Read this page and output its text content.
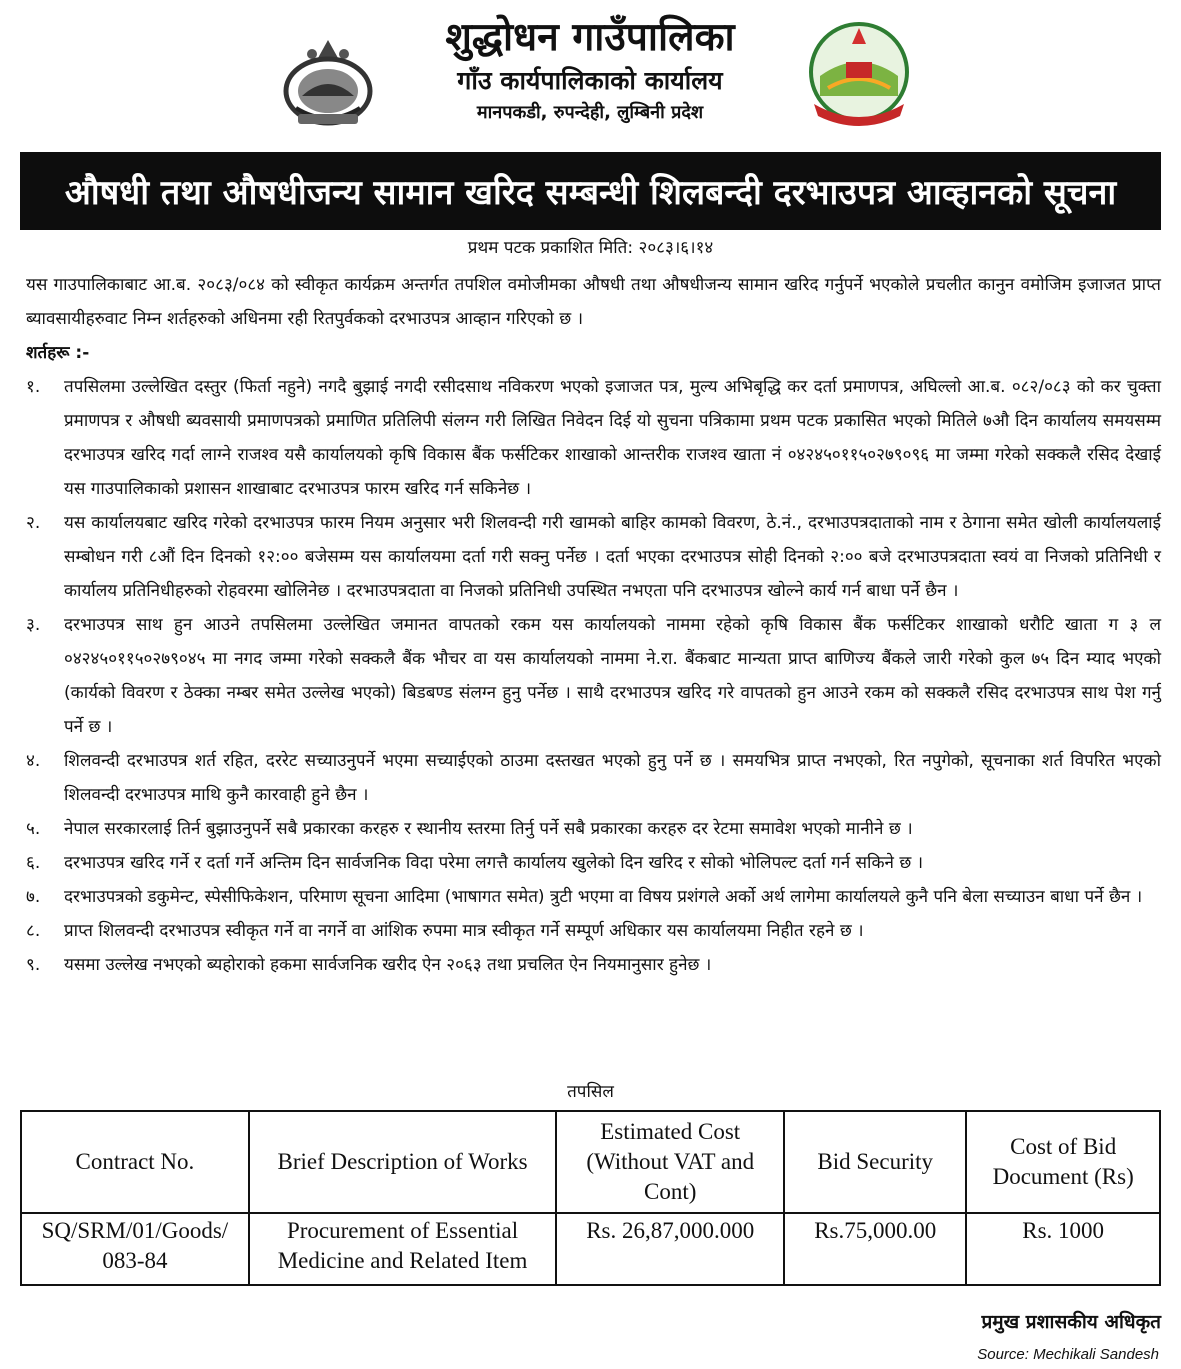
शुद्धोधन गाउँपालिका
गाँउ कार्यपालिकाको कार्यालय
मानपकडी, रुपन्देही, लुम्बिनी प्रदेश
औषधी तथा औषधीजन्य सामान खरिद सम्बन्धी शिलबन्दी दरभाउपत्र आव्हानको सूचना
प्रथम पटक प्रकाशित मिति: २०८३।६।१४

यस गाउपालिकाबाट आ.ब. २०८३/०८४ को स्वीकृत कार्यक्रम अन्तर्गत तपशिल वमोजीमका औषधी तथा औषधीजन्य सामान खरिद गर्नुपर्ने भएकोले प्रचलीत कानुन वमोजिम इजाजत प्राप्त ब्यावसायीहरुवाट निम्न शर्तहरुको अधिनमा रही रितपुर्वकको दरभाउपत्र आव्हान गरिएको छ ।

शर्तहरू :-

१.	तपसिलमा उल्लेखित दस्तुर (फिर्ता नहुने) नगदै बुझाई नगदी रसीदसाथ नविकरण भएको इजाजत पत्र, मुल्य अभिबृद्धि कर दर्ता प्रमाणपत्र, अघिल्लो आ.ब. ०८२/०८३ को कर चुक्ता प्रमाणपत्र र औषधी ब्यवसायी प्रमाणपत्रको प्रमाणित प्रतिलिपी संलग्न गरी लिखित निवेदन दिई यो सुचना पत्रिकामा प्रथम पटक प्रकासित भएको मितिले ७औ दिन कार्यालय समयसम्म दरभाउपत्र खरिद गर्दा लाग्ने राजश्व यसै कार्यालयको कृषि विकास बैंक फर्सटिकर शाखाको आन्तरीक राजश्व खाता नं ०४२४५०११५०२७९०९६ मा जम्मा गरेको सक्कलै रसिद देखाई यस गाउपालिकाको प्रशासन शाखाबाट दरभाउपत्र फारम खरिद गर्न सकिनेछ ।
२.	यस कार्यालयबाट खरिद गरेको दरभाउपत्र फारम नियम अनुसार भरी शिलवन्दी गरी खामको बाहिर कामको विवरण, ठे.नं., दरभाउपत्रदाताको नाम र ठेगाना समेत खोली कार्यालयलाई सम्बोधन गरी ८औं दिन दिनको १२:०० बजेसम्म यस कार्यालयमा दर्ता गरी सक्नु पर्नेछ । दर्ता भएका दरभाउपत्र सोही दिनको २:०० बजे दरभाउपत्रदाता स्वयं वा निजको प्रतिनिधी र कार्यालय प्रतिनिधीहरुको रोहवरमा खोलिनेछ । दरभाउपत्रदाता वा निजको प्रतिनिधी उपस्थित नभएता पनि दरभाउपत्र खोल्ने कार्य गर्न बाधा पर्ने छैन ।
३.	दरभाउपत्र साथ हुन आउने तपसिलमा उल्लेखित जमानत वापतको रकम यस कार्यालयको नाममा रहेको कृषि विकास बैंक फर्सटिकर शाखाको धरौटि खाता ग ३ ल ०४२४५०११५०२७९०४५ मा नगद जम्मा गरेको सक्कलै बैंक भौचर वा यस कार्यालयको नाममा ने.रा. बैंकबाट मान्यता प्राप्त बाणिज्य बैंकले जारी गरेको कुल ७५ दिन म्याद भएको (कार्यको विवरण र ठेक्का नम्बर समेत उल्लेख भएको) बिडबण्ड संलग्न हुनु पर्नेछ । साथै दरभाउपत्र खरिद गरे वापतको हुन आउने रकम को सक्कलै रसिद दरभाउपत्र साथ पेश गर्नु पर्ने छ ।
४.	शिलवन्दी दरभाउपत्र शर्त रहित, दररेट सच्याउनुपर्ने भएमा सच्याईएको ठाउमा दस्तखत भएको हुनु पर्ने छ । समयभित्र प्राप्त नभएको, रित नपुगेको, सूचनाका शर्त विपरित भएको शिलवन्दी दरभाउपत्र माथि कुनै कारवाही हुने छैन ।
५.	नेपाल सरकारलाई तिर्न बुझाउनुपर्ने सबै प्रकारका करहरु र स्थानीय स्तरमा तिर्नु पर्ने सबै प्रकारका करहरु दर रेटमा समावेश भएको मानीने छ ।
६.	दरभाउपत्र खरिद गर्ने र दर्ता गर्ने अन्तिम दिन सार्वजनिक विदा परेमा लगत्तै कार्यालय खुलेको दिन खरिद र सोको भोलिपल्ट दर्ता गर्न सकिने छ ।
७.	दरभाउपत्रको डकुमेन्ट, स्पेसीफिकेशन, परिमाण सूचना आदिमा (भाषागत समेत) त्रुटी भएमा वा विषय प्रशंगले अर्को अर्थ लागेमा कार्यालयले कुनै पनि बेला सच्याउन बाधा पर्ने छैन ।
८.	प्राप्त शिलवन्दी दरभाउपत्र स्वीकृत गर्ने वा नगर्ने वा आंशिक रुपमा मात्र स्वीकृत गर्ने सम्पूर्ण अधिकार यस कार्यालयमा निहीत रहने छ ।
९.	यसमा उल्लेख नभएको ब्यहोराको हकमा सार्वजनिक खरीद ऐन २०६३ तथा प्रचलित ऐन नियमानुसार हुनेछ ।
तपसिल
Contract No.	Brief Description of Works	Estimated Cost (Without VAT and Cont)	Bid Security	Cost of Bid Document (Rs)
SQ/SRM/01/Goods/ 083-84	Procurement of Essential Medicine and Related Item	Rs. 26,87,000.000	Rs.75,000.00	Rs. 1000
प्रमुख प्रशासकीय अधिकृत
Source: Mechikali Sandesh
